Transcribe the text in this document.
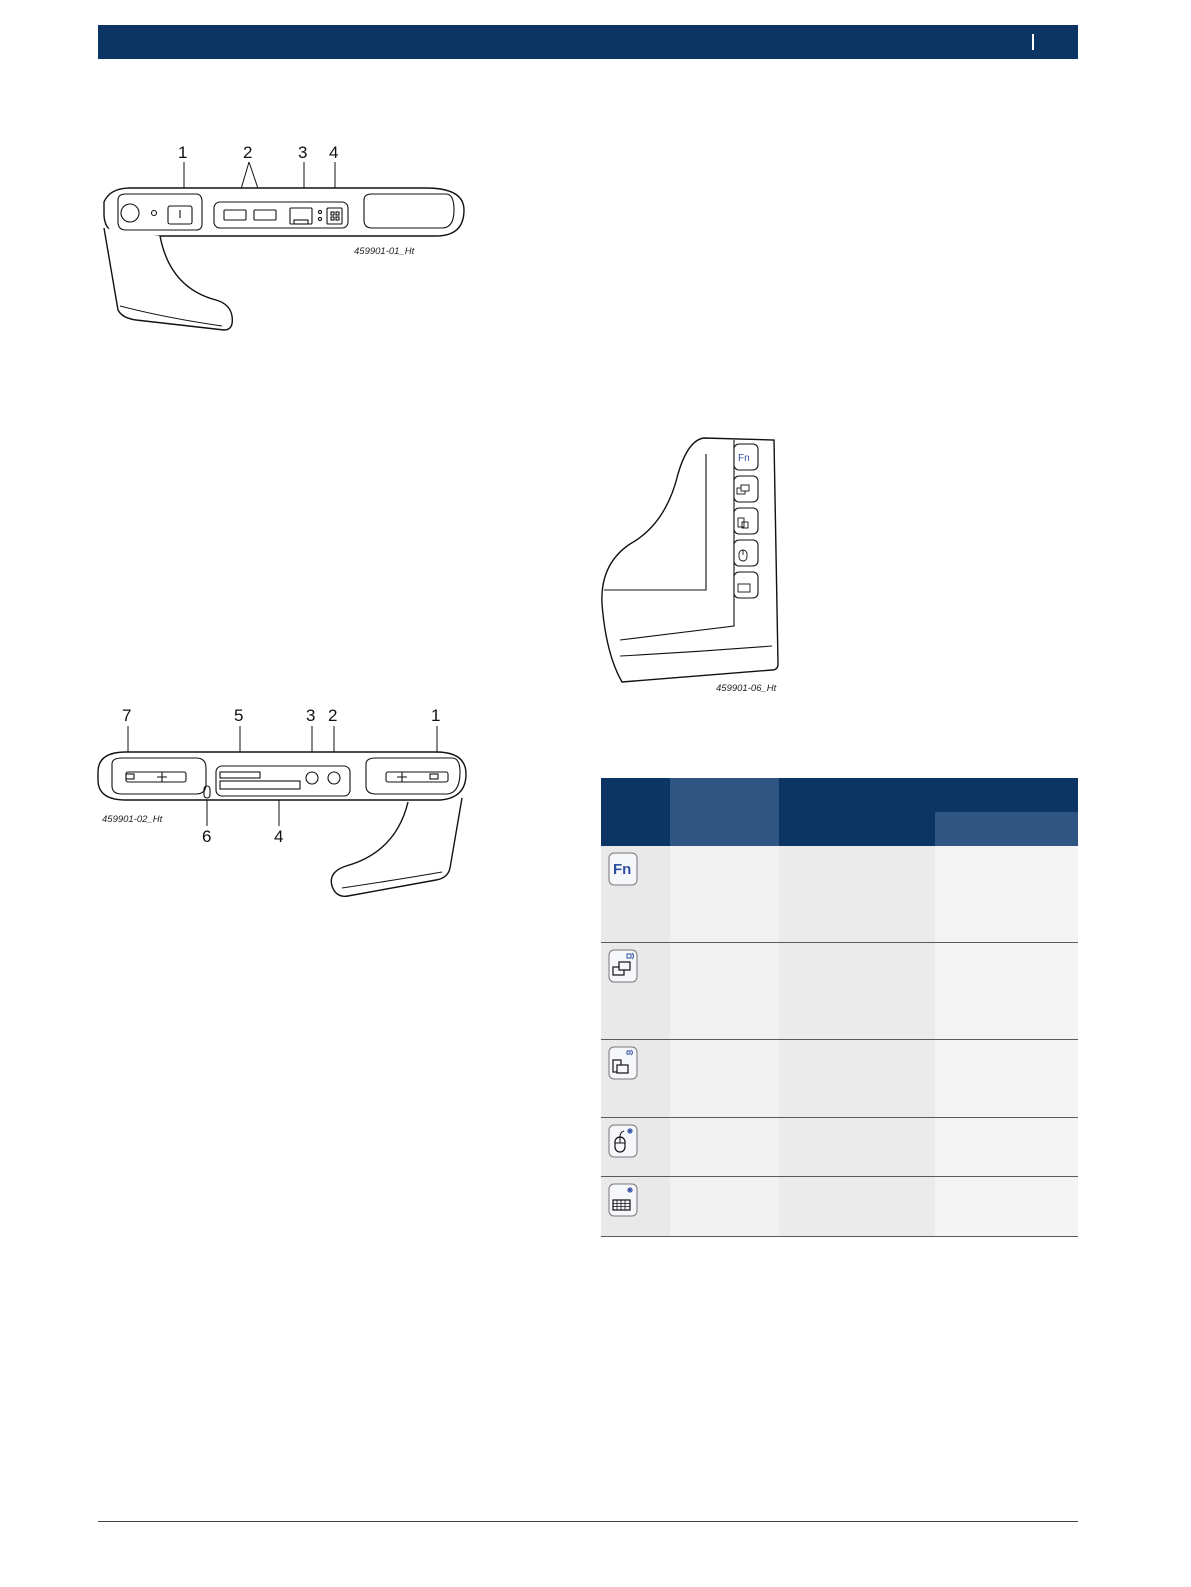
1	2	3 4
459901-01_Ht
7	5	3 2	1
6	4
459901-02_Ht
Fn
459901-06_Ht

Fn			
